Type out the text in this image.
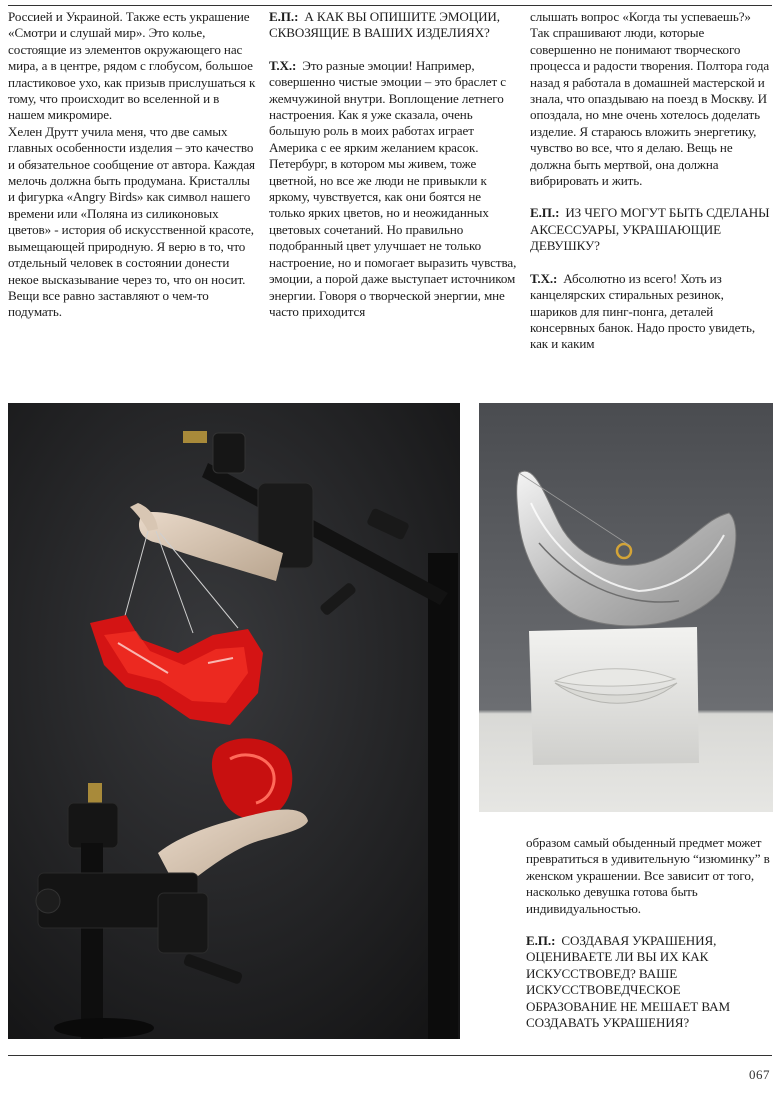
Россией и Украиной. Также есть украшение «Смотри и слушай мир». Это колье, состоящие из элементов окружающего нас мира, а в центре, рядом с глобусом, большое пластиковое ухо, как призыв прислушаться к тому, что происходит во вселенной и в нашем микромире.

Хелен Друтт учила меня, что две самых главных особенности изделия – это качество и обязательное сообщение от автора. Каждая мелочь должна быть продумана. Кристаллы и фигурка «Angry Birds» как символ нашего времени или «Поляна из силиконовых цветов» - история об искусственной красоте, вымещающей природную. Я верю в то, что отдельный человек в состоянии донести некое высказывание через то, что он носит. Вещи все равно заставляют о чем-то подумать.

Е.П.: А КАК ВЫ ОПИШИТЕ ЭМОЦИИ, СКВОЗЯЩИЕ В ВАШИХ ИЗДЕЛИЯХ?

Т.Х.: Это разные эмоции! Например, совершенно чистые эмоции – это браслет с жемчужиной внутри. Воплощение летнего настроения. Как я уже сказала, очень большую роль в моих работах играет Америка с ее ярким желанием красок. Петербург, в котором мы живем, тоже цветной, но все же люди не привыкли к яркому, чувствуется, как они боятся не только ярких цветов, но и неожиданных цветовых сочетаний. Но правильно подобранный цвет улучшает не только настроение, но и помогает выразить чувства, эмоции, а порой даже выступает источником энергии. Говоря о творческой энергии, мне часто приходится

слышать вопрос «Когда ты успеваешь?» Так спрашивают люди, которые совершенно не понимают творческого процесса и радости творения. Полтора года назад я работала в домашней мастерской и знала, что опаздываю на поезд в Москву. И опоздала, но мне очень хотелось доделать изделие. Я стараюсь вложить энергетику, чувство во все, что я делаю. Вещь не должна быть мертвой, она должна вибрировать и жить.

Е.П.: ИЗ ЧЕГО МОГУТ БЫТЬ СДЕЛАНЫ АКСЕССУАРЫ, УКРАШАЮЩИЕ ДЕВУШКУ?

Т.Х.: Абсолютно из всего! Хоть из канцелярских стиральных резинок, шариков для пинг-понга, деталей консервных банок. Надо просто увидеть, как и каким

образом самый обыденный предмет может превратиться в удивительную “изюминку” в женском украшении. Все зависит от того, насколько девушка готова быть индивидуальностью.

Е.П.: СОЗДАВАЯ УКРАШЕНИЯ, ОЦЕНИВАЕТЕ ЛИ ВЫ ИХ КАК ИСКУССТВОВЕД? ВАШЕ ИСКУССТВОВЕДЧЕСКОЕ ОБРАЗОВАНИЕ НЕ МЕШАЕТ ВАМ СОЗДАВАТЬ УКРАШЕНИЯ?

067
